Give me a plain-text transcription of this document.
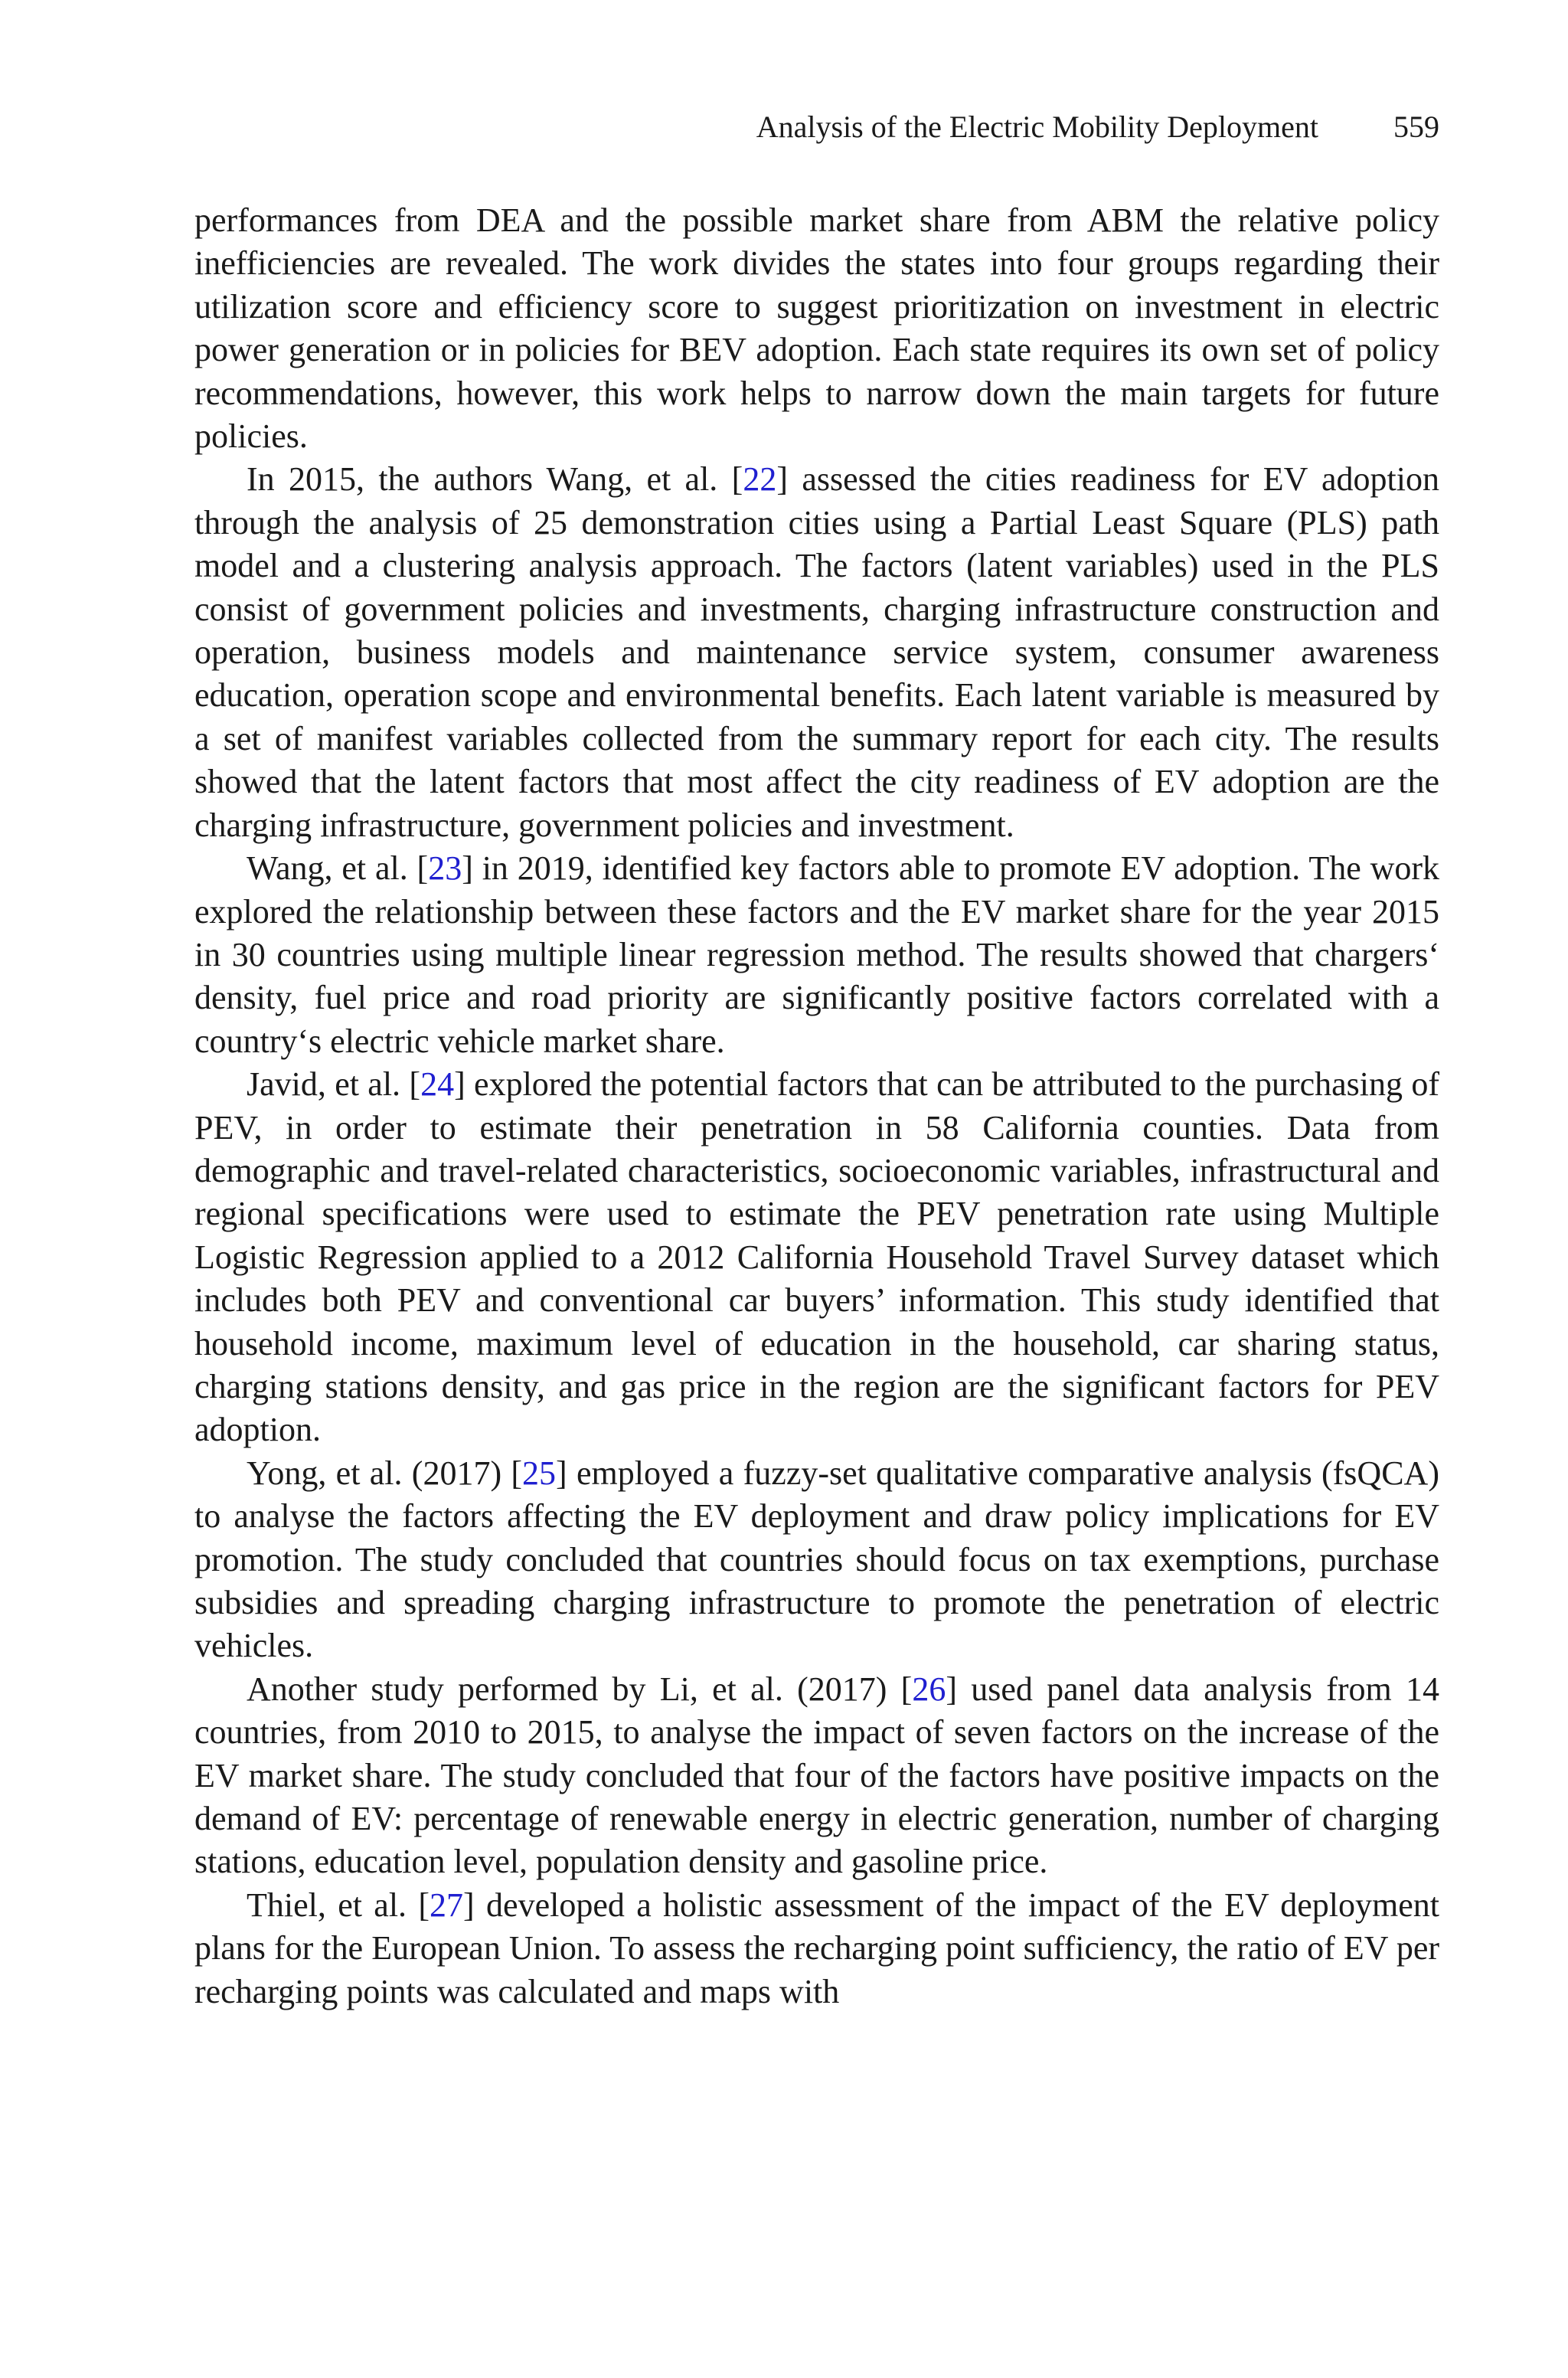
Analysis of the Electric Mobility Deployment 559

performances from DEA and the possible market share from ABM the relative policy inefficiencies are revealed. The work divides the states into four groups regarding their utilization score and efficiency score to suggest prioritization on investment in electric power generation or in policies for BEV adoption. Each state requires its own set of policy recommendations, however, this work helps to narrow down the main targets for future policies.

In 2015, the authors Wang, et al. [22] assessed the cities readiness for EV adoption through the analysis of 25 demonstration cities using a Partial Least Square (PLS) path model and a clustering analysis approach. The factors (latent variables) used in the PLS consist of government policies and investments, charging infrastructure construction and operation, business models and maintenance service system, consumer awareness education, operation scope and environmental benefits. Each latent variable is measured by a set of manifest variables collected from the summary report for each city. The results showed that the latent factors that most affect the city readiness of EV adoption are the charging infrastructure, government policies and investment.

Wang, et al. [23] in 2019, identified key factors able to promote EV adoption. The work explored the relationship between these factors and the EV market share for the year 2015 in 30 countries using multiple linear regression method. The results showed that chargers‘ density, fuel price and road priority are significantly positive factors correlated with a country‘s electric vehicle market share.

Javid, et al. [24] explored the potential factors that can be attributed to the purchasing of PEV, in order to estimate their penetration in 58 California counties. Data from demographic and travel-related characteristics, socioeconomic variables, infrastructural and regional specifications were used to estimate the PEV penetration rate using Multiple Logistic Regression applied to a 2012 California Household Travel Survey dataset which includes both PEV and conventional car buyers’ information. This study identified that household income, maximum level of education in the household, car sharing status, charging stations density, and gas price in the region are the significant factors for PEV adoption.

Yong, et al. (2017) [25] employed a fuzzy-set qualitative comparative analysis (fsQCA) to analyse the factors affecting the EV deployment and draw policy implications for EV promotion. The study concluded that countries should focus on tax exemptions, purchase subsidies and spreading charging infrastructure to promote the penetration of electric vehicles.

Another study performed by Li, et al. (2017) [26] used panel data analysis from 14 countries, from 2010 to 2015, to analyse the impact of seven factors on the increase of the EV market share. The study concluded that four of the factors have positive impacts on the demand of EV: percentage of renewable energy in electric generation, number of charging stations, education level, population density and gasoline price.

Thiel, et al. [27] developed a holistic assessment of the impact of the EV deployment plans for the European Union. To assess the recharging point sufficiency, the ratio of EV per recharging points was calculated and maps with
